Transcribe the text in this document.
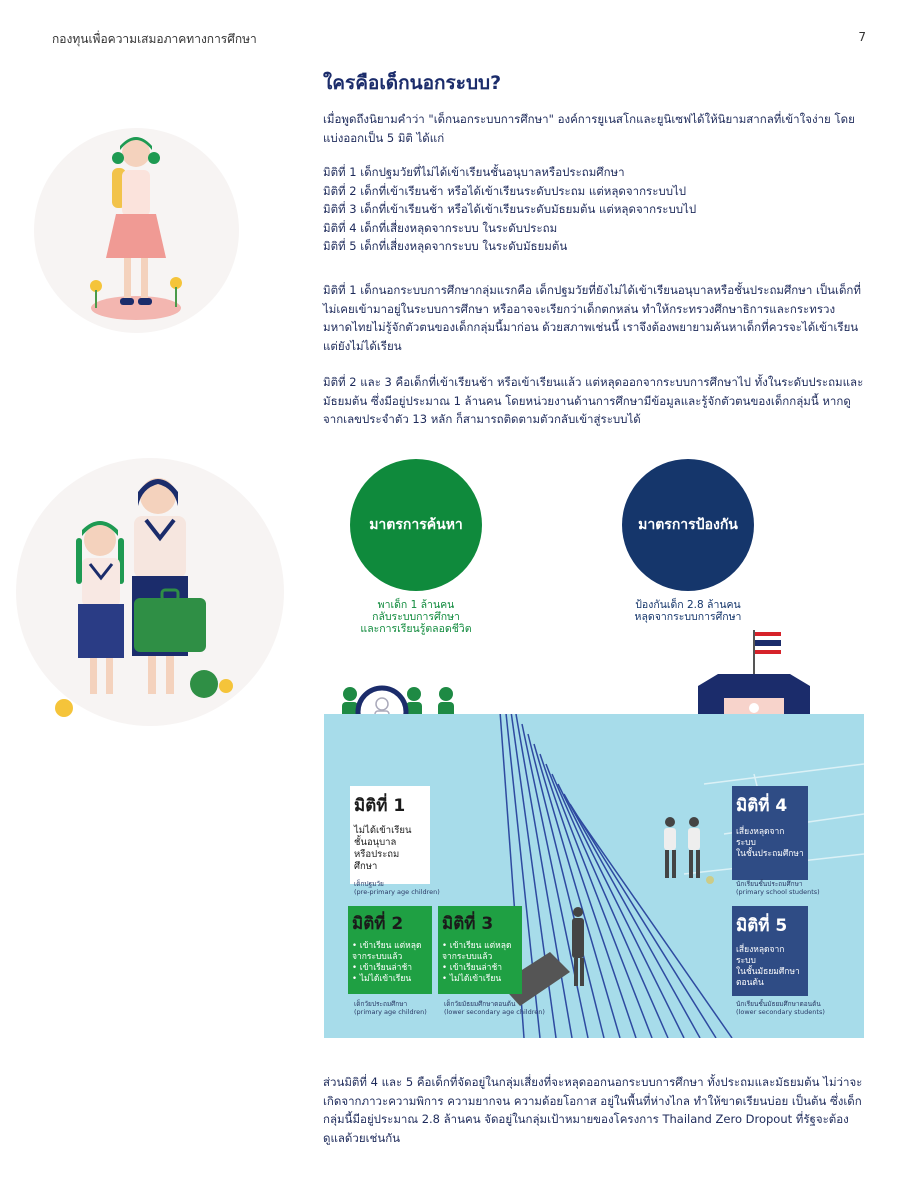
กองทุนเพื่อความเสมอภาคทางการศึกษา	7
ใครคือเด็กนอกระบบ?

เมื่อพูดถึงนิยามคำว่า "เด็กนอกระบบการศึกษา" องค์การยูเนสโกและยูนิเซฟได้ให้นิยามสากลที่เข้าใจง่าย โดยแบ่งออกเป็น 5 มิติ ได้แก่

มิติที่ 1 เด็กปฐมวัยที่ไม่ได้เข้าเรียนชั้นอนุบาลหรือประถมศึกษา
มิติที่ 2 เด็กที่เข้าเรียนช้า หรือได้เข้าเรียนระดับประถม แต่หลุดจากระบบไป
มิติที่ 3 เด็กที่เข้าเรียนช้า หรือได้เข้าเรียนระดับมัธยมต้น แต่หลุดจากระบบไป
มิติที่ 4 เด็กที่เสี่ยงหลุดจากระบบ ในระดับประถม
มิติที่ 5 เด็กที่เสี่ยงหลุดจากระบบ ในระดับมัธยมต้น

มิติที่ 1 เด็กนอกระบบการศึกษากลุ่มแรกคือ เด็กปฐมวัยที่ยังไม่ได้เข้าเรียนอนุบาลหรือชั้นประถมศึกษา เป็นเด็กที่ไม่เคยเข้ามาอยู่ในระบบการศึกษา หรืออาจจะเรียกว่าเด็กตกหล่น ทำให้กระทรวงศึกษาธิการและกระทรวงมหาดไทยไม่รู้จักตัวตนของเด็กกลุ่มนี้มาก่อน ด้วยสภาพเช่นนี้ เราจึงต้องพยายามค้นหาเด็กที่ควรจะได้เข้าเรียนแต่ยังไม่ได้เรียน

มิติที่ 2 และ 3 คือเด็กที่เข้าเรียนช้า หรือเข้าเรียนแล้ว แต่หลุดออกจากระบบการศึกษาไป ทั้งในระดับประถมและมัธยมต้น ซึ่งมีอยู่ประมาณ 1 ล้านคน โดยหน่วยงานด้านการศึกษามีข้อมูลและรู้จักตัวตนของเด็กกลุ่มนี้ หากดูจากเลขประจำตัว 13 หลัก ก็สามารถติดตามตัวกลับเข้าสู่ระบบได้

มาตรการค้นหา
พาเด็ก 1 ล้านคน
กลับระบบการศึกษา
และการเรียนรู้ตลอดชีวิต
มาตรการป้องกัน
ป้องกันเด็ก 2.8 ล้านคน
หลุดจากระบบการศึกษา
มิติที่ 1
ไม่ได้เข้าเรียน
ชั้นอนุบาล
หรือประถม
ศึกษา
เด็กปฐมวัย
(pre-primary age children)
มิติที่ 2
• เข้าเรียน แต่หลุด จากระบบแล้ว
• เข้าเรียนล่าช้า
• ไม่ได้เข้าเรียน
เด็กวัยประถมศึกษา
(primary age children)
มิติที่ 3
• เข้าเรียน แต่หลุด จากระบบแล้ว
• เข้าเรียนล่าช้า
• ไม่ได้เข้าเรียน
เด็กวัยมัธยมศึกษาตอนต้น
(lower secondary age children)
มิติที่ 4
เสี่ยงหลุดจากระบบ
ในชั้นประถมศึกษา
นักเรียนชั้นประถมศึกษา
(primary school students)
มิติที่ 5
เสี่ยงหลุดจากระบบ
ในชั้นมัธยมศึกษา
ตอนต้น
นักเรียนชั้นมัธยมศึกษาตอนต้น
(lower secondary students)

ส่วนมิติที่ 4 และ 5 คือเด็กที่จัดอยู่ในกลุ่มเสี่ยงที่จะหลุดออกนอกระบบการศึกษา ทั้งประถมและมัธยมต้น ไม่ว่าจะเกิดจากภาวะความพิการ ความยากจน ความด้อยโอกาส อยู่ในพื้นที่ห่างไกล ทำให้ขาดเรียนบ่อย เป็นต้น ซึ่งเด็กกลุ่มนี้มีอยู่ประมาณ 2.8 ล้านคน จัดอยู่ในกลุ่มเป้าหมายของโครงการ Thailand Zero Dropout ที่รัฐจะต้องดูแลด้วยเช่นกัน
